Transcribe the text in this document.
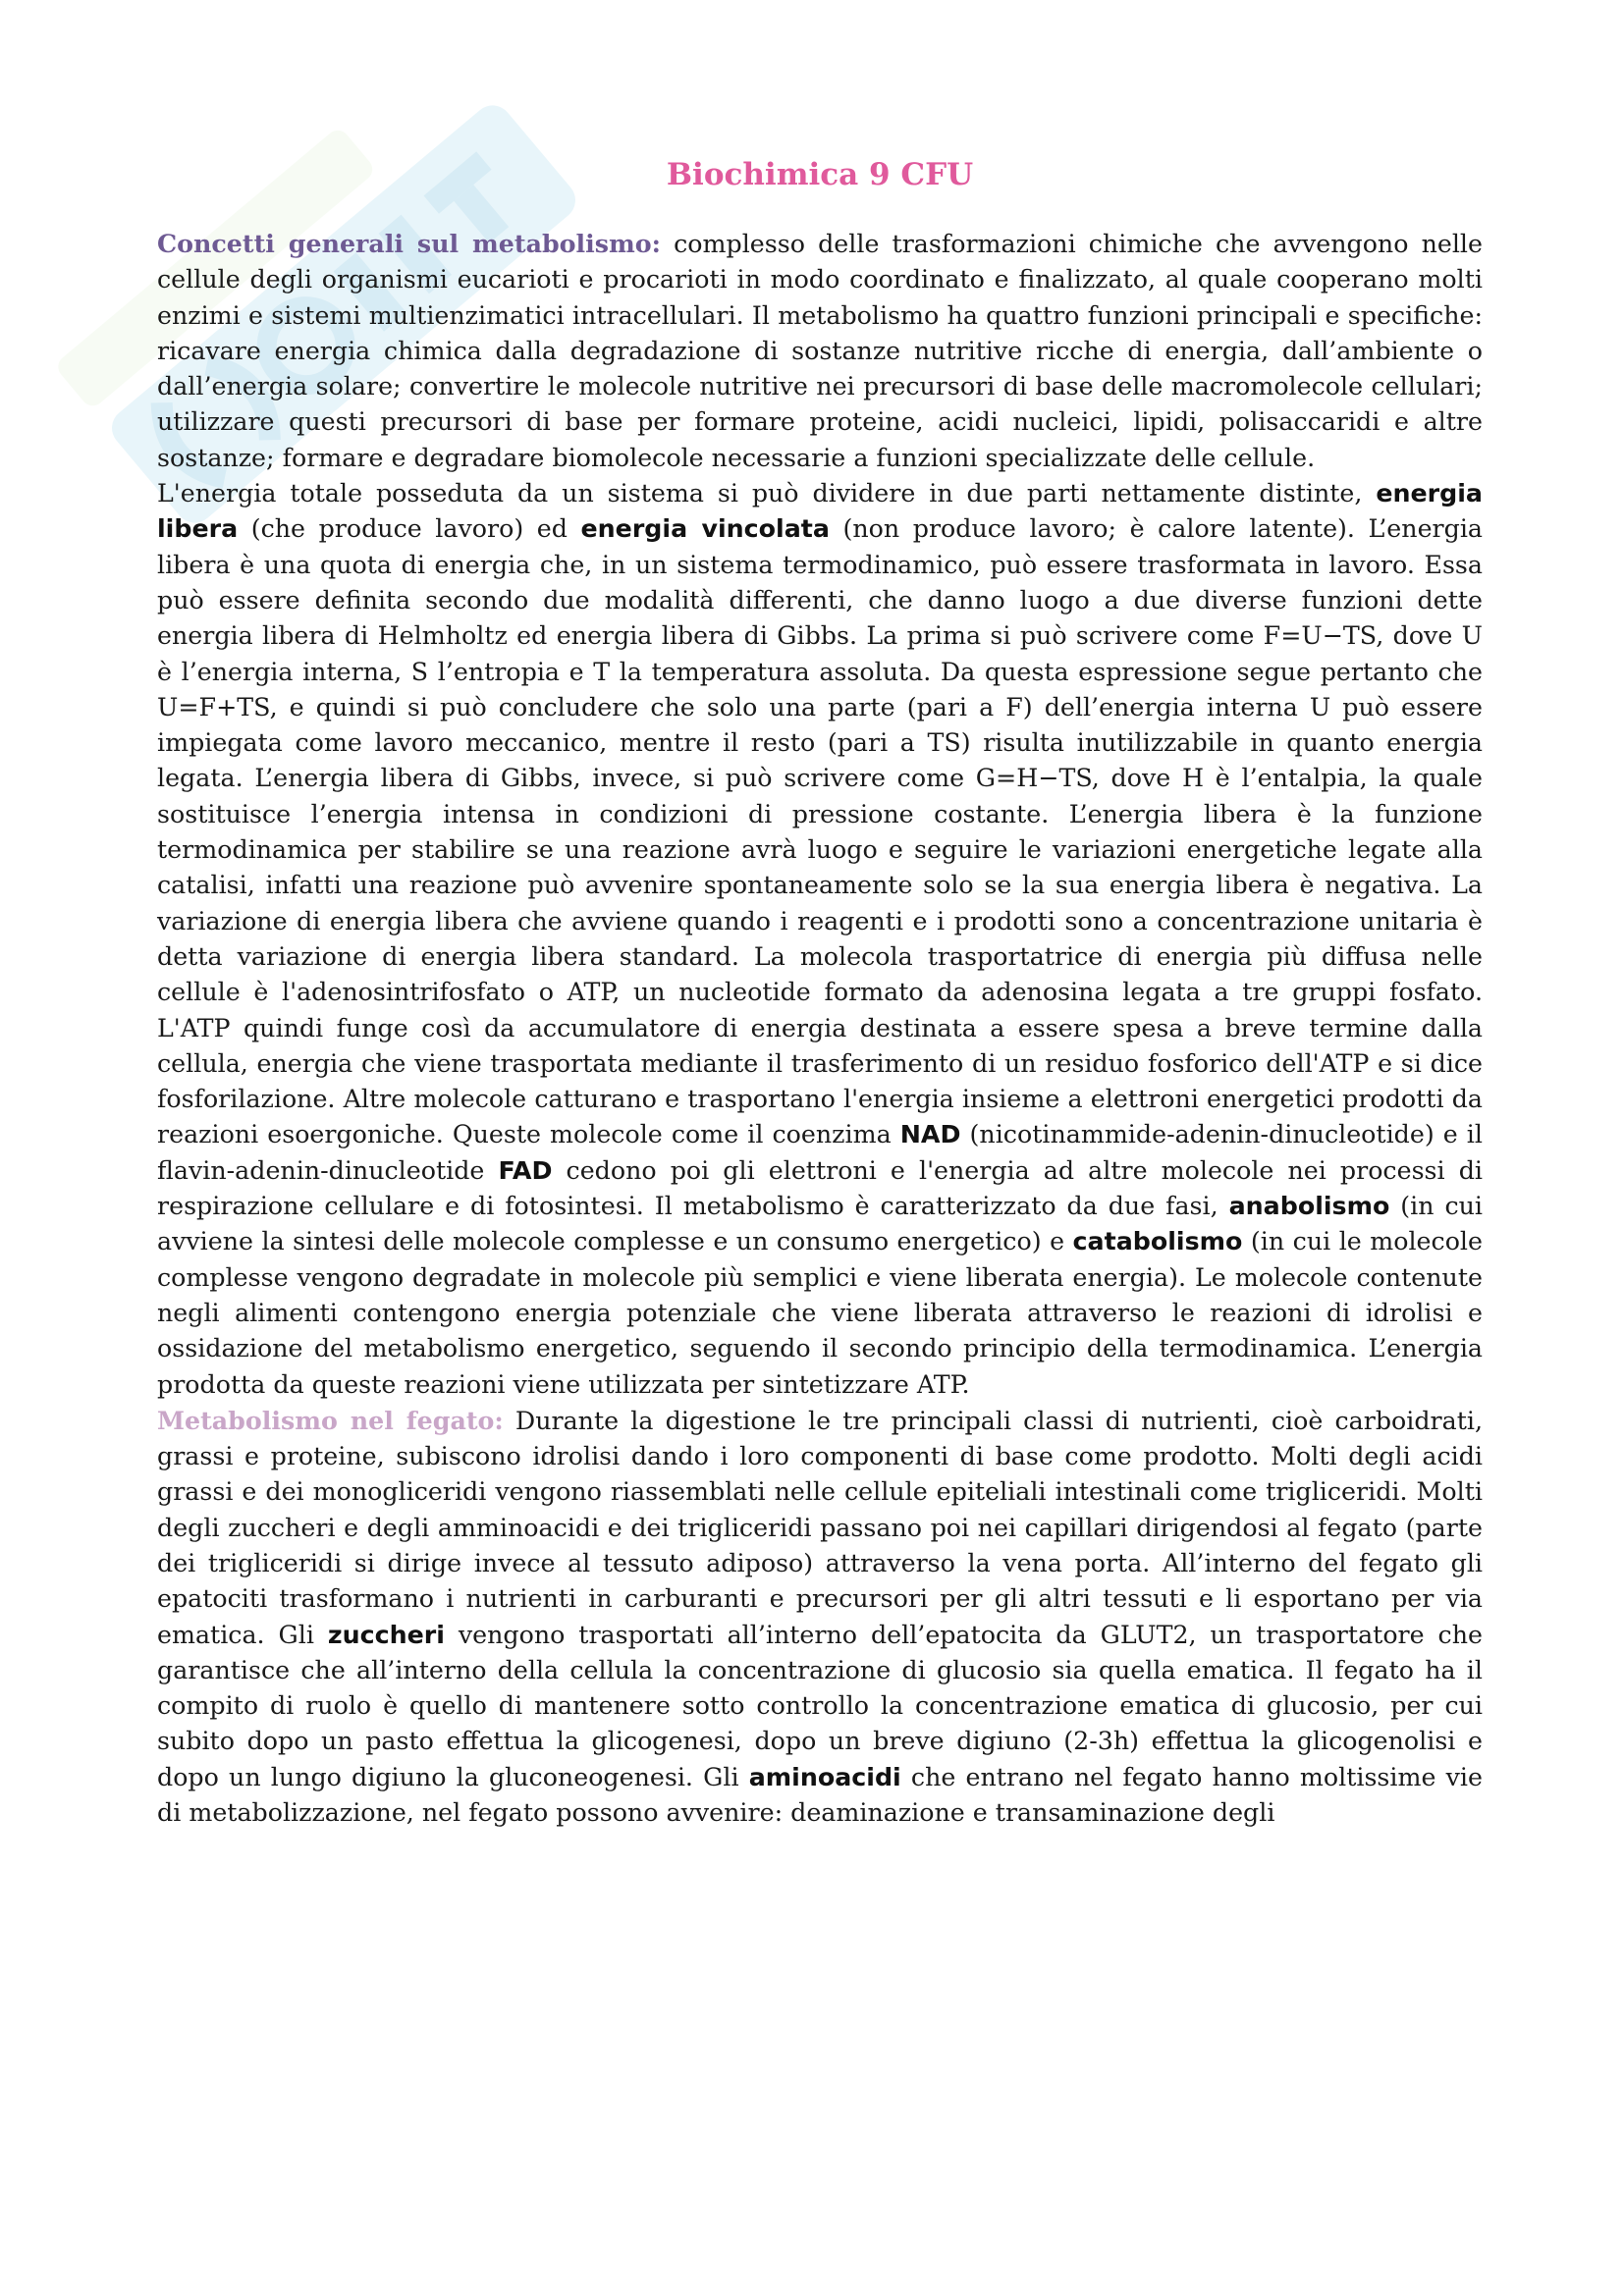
Biochimica 9 CFU

Concetti generali sul metabolismo: complesso delle trasformazioni chimiche che avvengono nelle cellule degli organismi eucarioti e procarioti in modo coordinato e finalizzato, al quale cooperano molti enzimi e sistemi multienzimatici intracellulari. Il metabolismo ha quattro funzioni principali e specifiche: ricavare energia chimica dalla degradazione di sostanze nutritive ricche di energia, dall’ambiente o dall’energia solare; convertire le molecole nutritive nei precursori di base delle macromolecole cellulari; utilizzare questi precursori di base per formare proteine, acidi nucleici, lipidi, polisaccaridi e altre sostanze; formare e degradare biomolecole necessarie a funzioni specializzate delle cellule.

L'energia totale posseduta da un sistema si può dividere in due parti nettamente distinte, energia libera (che produce lavoro) ed energia vincolata (non produce lavoro; è calore latente). L’energia libera è una quota di energia che, in un sistema termodinamico, può essere trasformata in lavoro. Essa può essere definita secondo due modalità differenti, che danno luogo a due diverse funzioni dette energia libera di Helmholtz ed energia libera di Gibbs. La prima si può scrivere come F=U−TS, dove U è l’energia interna, S l’entropia e T la temperatura assoluta. Da questa espressione segue pertanto che U=F+TS, e quindi si può concludere che solo una parte (pari a F) dell’energia interna U può essere impiegata come lavoro meccanico, mentre il resto (pari a TS) risulta inutilizzabile in quanto energia legata. L’energia libera di Gibbs, invece, si può scrivere come G=H−TS, dove H è l’entalpia, la quale sostituisce l’energia intensa in condizioni di pressione costante. L’energia libera è la funzione termodinamica per stabilire se una reazione avrà luogo e seguire le variazioni energetiche legate alla catalisi, infatti una reazione può avvenire spontaneamente solo se la sua energia libera è negativa. La variazione di energia libera che avviene quando i reagenti e i prodotti sono a concentrazione unitaria è detta variazione di energia libera standard. La molecola trasportatrice di energia più diffusa nelle cellule è l'adenosintrifosfato o ATP, un nucleotide formato da adenosina legata a tre gruppi fosfato. L'ATP quindi funge così da accumulatore di energia destinata a essere spesa a breve termine dalla cellula, energia che viene trasportata mediante il trasferimento di un residuo fosforico dell'ATP e si dice fosforilazione. Altre molecole catturano e trasportano l'energia insieme a elettroni energetici prodotti da reazioni esoergoniche. Queste molecole come il coenzima NAD (nicotinammide-adenin-dinucleotide) e il flavin-adenin-dinucleotide FAD cedono poi gli elettroni e l'energia ad altre molecole nei processi di respirazione cellulare e di fotosintesi. Il metabolismo è caratterizzato da due fasi, anabolismo (in cui avviene la sintesi delle molecole complesse e un consumo energetico) e catabolismo (in cui le molecole complesse vengono degradate in molecole più semplici e viene liberata energia). Le molecole contenute negli alimenti contengono energia potenziale che viene liberata attraverso le reazioni di idrolisi e ossidazione del metabolismo energetico, seguendo il secondo principio della termodinamica. L’energia prodotta da queste reazioni viene utilizzata per sintetizzare ATP.

Metabolismo nel fegato: Durante la digestione le tre principali classi di nutrienti, cioè carboidrati, grassi e proteine, subiscono idrolisi dando i loro componenti di base come prodotto. Molti degli acidi grassi e dei monogliceridi vengono riassemblati nelle cellule epiteliali intestinali come trigliceridi. Molti degli zuccheri e degli amminoacidi e dei trigliceridi passano poi nei capillari dirigendosi al fegato (parte dei trigliceridi si dirige invece al tessuto adiposo) attraverso la vena porta. All’interno del fegato gli epatociti trasformano i nutrienti in carburanti e precursori per gli altri tessuti e li esportano per via ematica. Gli zuccheri vengono trasportati all’interno dell’epatocita da GLUT2, un trasportatore che garantisce che all’interno della cellula la concentrazione di glucosio sia quella ematica. Il fegato ha il compito di ruolo è quello di mantenere sotto controllo la concentrazione ematica di glucosio, per cui subito dopo un pasto effettua la glicogenesi, dopo un breve digiuno (2-3h) effettua la glicogenolisi e dopo un lungo digiuno la gluconeogenesi. Gli aminoacidi che entrano nel fegato hanno moltissime vie di metabolizzazione, nel fegato possono avvenire: deaminazione e transaminazione degli
